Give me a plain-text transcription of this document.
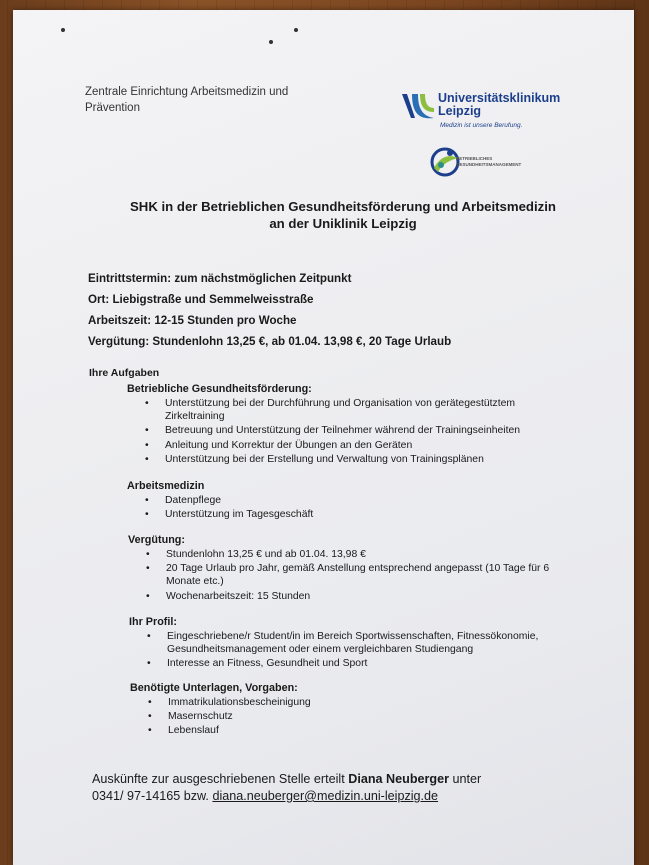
Zentrale Einrichtung Arbeitsmedizin und Prävention
Universitätsklinikum Leipzig
Medizin ist unsere Berufung.
BETRIEBLICHES GESUNDHEITSMANAGEMENT
SHK in der Betrieblichen Gesundheitsförderung und Arbeitsmedizin
an der Uniklinik Leipzig
Eintrittstermin: zum nächstmöglichen Zeitpunkt
Ort: Liebigstraße und Semmelweisstraße
Arbeitszeit: 12-15 Stunden pro Woche
Vergütung: Stundenlohn 13,25 €, ab 01.04. 13,98 €, 20 Tage Urlaub
Ihre Aufgaben
Betriebliche Gesundheitsförderung:
• Unterstützung bei der Durchführung und Organisation von gerätegestütztem Zirkeltraining
• Betreuung und Unterstützung der Teilnehmer während der Trainingseinheiten
• Anleitung und Korrektur der Übungen an den Geräten
• Unterstützung bei der Erstellung und Verwaltung von Trainingsplänen
Arbeitsmedizin
• Datenpflege
• Unterstützung im Tagesgeschäft
Vergütung:
• Stundenlohn 13,25 € und ab 01.04. 13,98 €
• 20 Tage Urlaub pro Jahr, gemäß Anstellung entsprechend angepasst (10 Tage für 6 Monate etc.)
• Wochenarbeitszeit: 15 Stunden
Ihr Profil:
• Eingeschriebene/r Student/in im Bereich Sportwissenschaften, Fitnessökonomie, Gesundheitsmanagement oder einem vergleichbaren Studiengang
• Interesse an Fitness, Gesundheit und Sport
Benötigte Unterlagen, Vorgaben:
• Immatrikulationsbescheinigung
• Masernschutz
• Lebenslauf
Auskünfte zur ausgeschriebenen Stelle erteilt Diana Neuberger unter
0341/ 97-14165 bzw. diana.neuberger@medizin.uni-leipzig.de
